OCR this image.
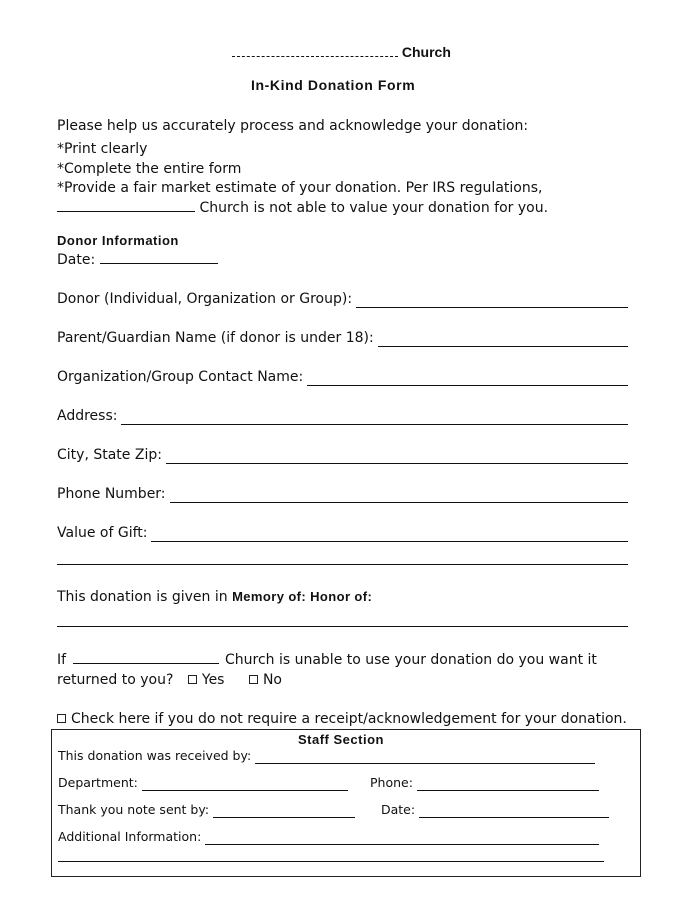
Church
In-Kind Donation Form
Please help us accurately process and acknowledge your donation:
*Print clearly
*Complete the entire form
*Provide a fair market estimate of your donation. Per IRS regulations,
Church is not able to value your donation for you.
Donor Information
Date:
Donor (Individual, Organization or Group):
Parent/Guardian Name (if donor is under 18):
Organization/Group Contact Name:
Address:
City, State Zip:
Phone Number:
Value of Gift:
This donation is given in Memory of: Honor of:
If	Church is unable to use your donation do you want it
returned to you? Yes	No
Check here if you do not require a receipt/acknowledgement for your donation.
Staff Section
This donation was received by:
Department:	Phone:
Thank you note sent by:	Date:
Additional Information:
